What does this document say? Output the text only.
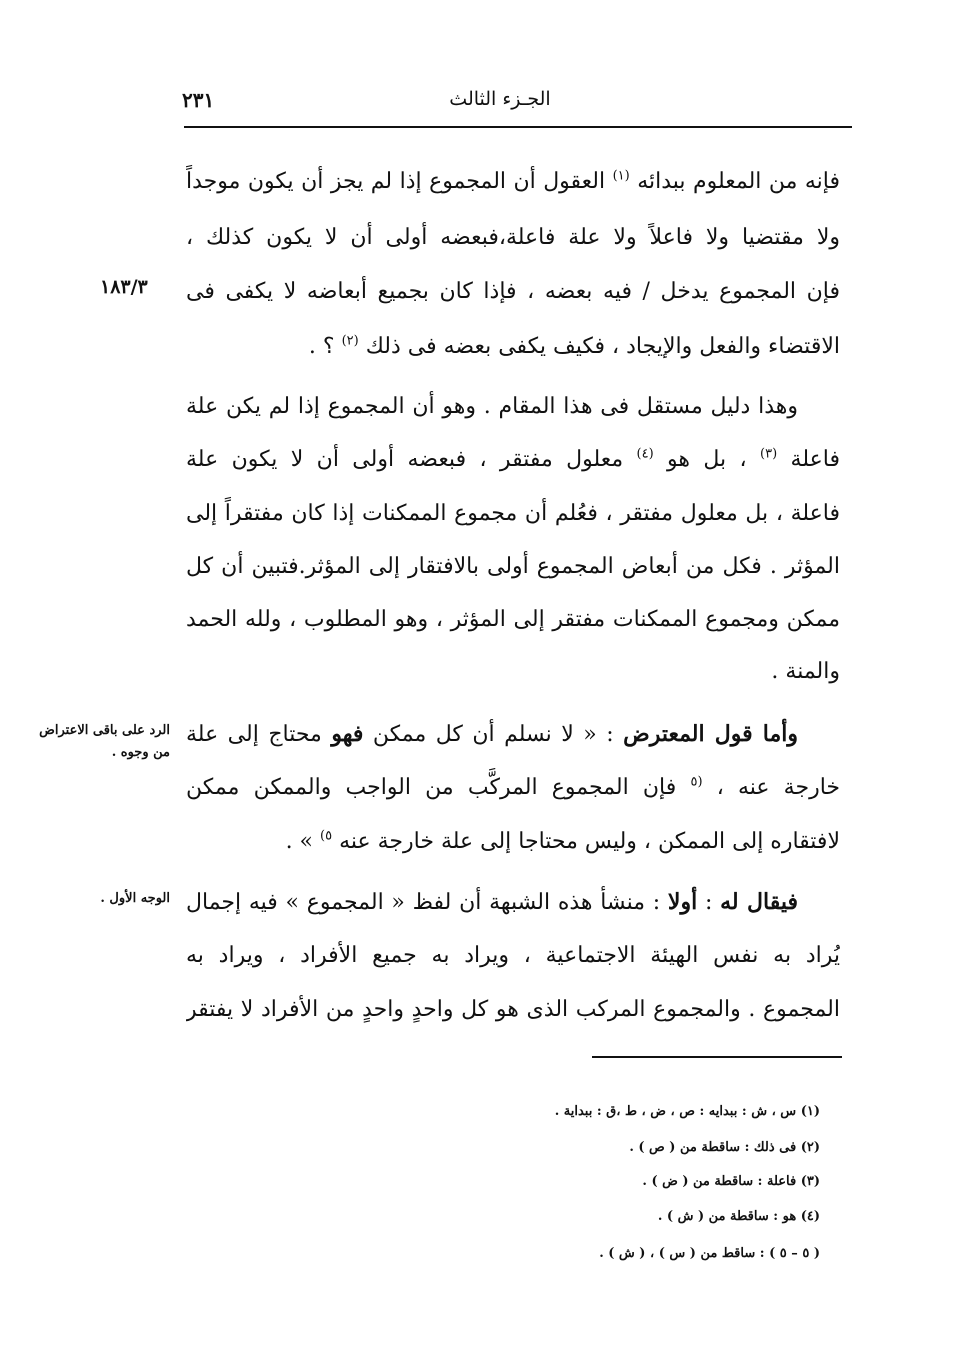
٢٣١	الجـزء الثالث
١٨٣/٣
الرد على باقى الاعتراض
من وجوه .
الوجه الأول .
فإنه من المعلوم ببدائه $^{(١)}$ العقول أن المجموع إذا لم يجز أن يكون موجداً
ولا مقتضيا ولا فاعلاً ولا علة فاعلة،فبعضه أولى أن لا يكون كذلك ،
فإن المجموع يدخل / فيه بعضه ، فإذا كان بجميع أبعاضه لا يكفى فى
الاقتضاء والفعل والإيجاد ، فكيف يكفى بعضه فى ذلك $^{(٢)}$ ؟ .
وهذا دليل مستقل فى هذا المقام . وهو أن المجموع إذا لم يكن علة
فاعلة $^{(٣)}$ ، بل هو $^{(٤)}$ معلول مفتقر ، فبعضه أولى أن لا يكون علة
فاعلة ، بل معلول مفتقر ، فعُلم أن مجموع الممكنات إذا كان مفتقراً إلى
المؤثر . فكل من أبعاض المجموع أولى بالافتقار إلى المؤثر.فتبين أن كل
ممكن ومجموع الممكنات مفتقر إلى المؤثر ، وهو المطلوب ، ولله الحمد
والمنة .
وأما قول المعترض : « لا نسلم أن كل ممكن فهو محتاج إلى علة
خارجة عنه ، $^{(٥}$ فإن المجموع المركَّب من الواجب والممكن ممكن
لافتقاره إلى الممكن ، وليس محتاجا إلى علة خارجة عنه $^{٥)}$ » .
فيقال له : أولا : منشأ هذه الشبهة أن لفظ « المجموع » فيه إجمال
يُراد به نفس الهيئة الاجتماعية ، ويراد به جميع الأفراد ، ويراد به
المجموع . والمجموع المركب الذى هو كل واحدٍ واحدٍ من الأفراد لا يفتقر
(١) س ، ش : ببدايه : ص ، ض ، ط ،ق : ببداية .
(٢) فى ذلك : ساقطة من ( ص ) .
(٣) فاعلة : ساقطة من ( ض ) .
(٤) هو : ساقطة من ( ش ) .
( ٥ – ٥ ) : ساقط من ( س ) ، ( ش ) .
